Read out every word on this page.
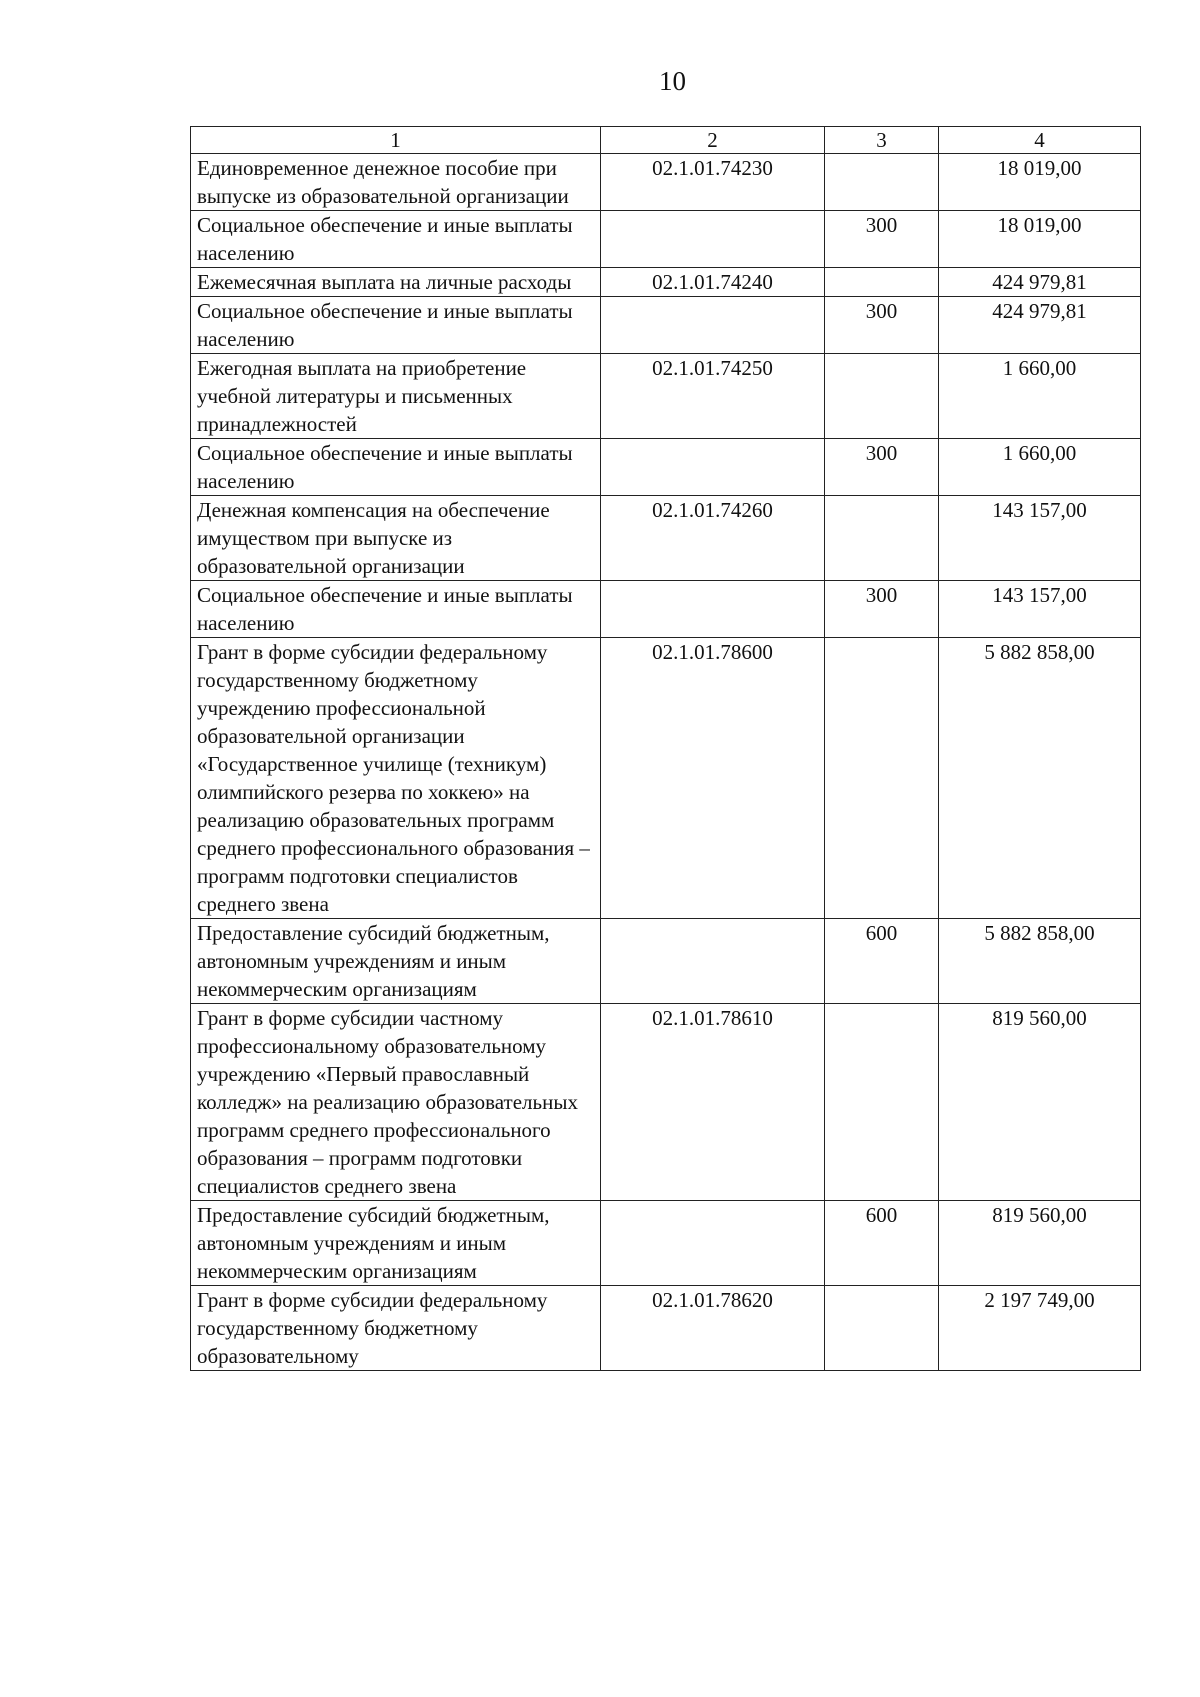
10
1	2	3	4
Единовременное денежное пособие при выпуске из образовательной организации	02.1.01.74230		18 019,00
Социальное обеспечение и иные выплаты населению		300	18 019,00
Ежемесячная выплата на личные расходы	02.1.01.74240		424 979,81
Социальное обеспечение и иные выплаты населению		300	424 979,81
Ежегодная выплата на приобретение учебной литературы и письменных принадлежностей	02.1.01.74250		1 660,00
Социальное обеспечение и иные выплаты населению		300	1 660,00
Денежная компенсация на обеспечение имуществом при выпуске из образовательной организации	02.1.01.74260		143 157,00
Социальное обеспечение и иные выплаты населению		300	143 157,00
Грант в форме субсидии федеральному государственному бюджетному учреждению профессиональной образовательной организации «Государственное училище (техникум) олимпийского резерва по хоккею» на реализацию образовательных программ среднего профессионального образования – программ подготовки специалистов среднего звена	02.1.01.78600		5 882 858,00
Предоставление субсидий бюджетным, автономным учреждениям и иным некоммерческим организациям		600	5 882 858,00
Грант в форме субсидии частному профессиональному образовательному учреждению «Первый православный колледж» на реализацию образовательных программ среднего профессионального образования – программ подготовки специалистов среднего звена	02.1.01.78610		819 560,00
Предоставление субсидий бюджетным, автономным учреждениям и иным некоммерческим организациям		600	819 560,00
Грант в форме субсидии федеральному государственному бюджетному образовательному	02.1.01.78620		2 197 749,00
